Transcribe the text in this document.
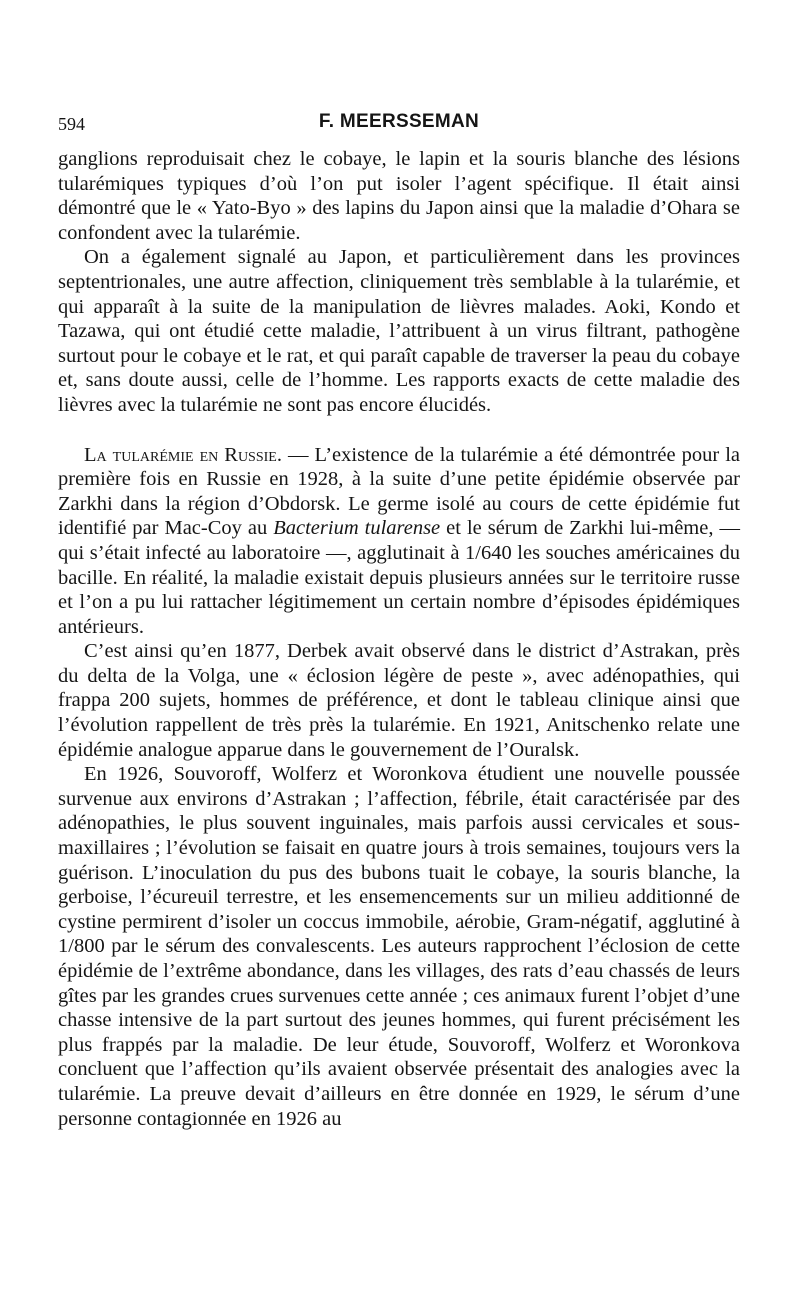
594	F. MEERSSEMAN

ganglions reproduisait chez le cobaye, le lapin et la souris blanche des lésions tularémiques typiques d’où l’on put isoler l’agent spécifique. Il était ainsi démontré que le « Yato-Byo » des lapins du Japon ainsi que la maladie d’Ohara se confondent avec la tularémie.

On a également signalé au Japon, et particulièrement dans les provinces septentrionales, une autre affection, cliniquement très semblable à la tularémie, et qui apparaît à la suite de la manipulation de lièvres malades. Aoki, Kondo et Tazawa, qui ont étudié cette maladie, l’attribuent à un virus filtrant, pathogène surtout pour le cobaye et le rat, et qui paraît capable de traverser la peau du cobaye et, sans doute aussi, celle de l’homme. Les rapports exacts de cette maladie des lièvres avec la tularémie ne sont pas encore élucidés.

La tularémie en Russie. — L’existence de la tularémie a été démontrée pour la première fois en Russie en 1928, à la suite d’une petite épidémie observée par Zarkhi dans la région d’Obdorsk. Le germe isolé au cours de cette épidémie fut identifié par Mac-Coy au Bacterium tularense et le sérum de Zarkhi lui-même, — qui s’était infecté au laboratoire —, agglutinait à 1/640 les souches américaines du bacille. En réalité, la maladie existait depuis plusieurs années sur le territoire russe et l’on a pu lui rattacher légitimement un certain nombre d’épisodes épidémiques antérieurs.

C’est ainsi qu’en 1877, Derbek avait observé dans le district d’Astrakan, près du delta de la Volga, une « éclosion légère de peste », avec adénopathies, qui frappa 200 sujets, hommes de préférence, et dont le tableau clinique ainsi que l’évolution rappellent de très près la tularémie. En 1921, Anitschenko relate une épidémie analogue apparue dans le gouvernement de l’Ouralsk.

En 1926, Souvoroff, Wolferz et Woronkova étudient une nouvelle poussée survenue aux environs d’Astrakan ; l’affection, fébrile, était caractérisée par des adénopathies, le plus souvent inguinales, mais parfois aussi cervicales et sous-maxillaires ; l’évolution se faisait en quatre jours à trois semaines, toujours vers la guérison. L’inoculation du pus des bubons tuait le cobaye, la souris blanche, la gerboise, l’écureuil terrestre, et les ensemencements sur un milieu additionné de cystine permirent d’isoler un coccus immobile, aérobie, Gram-négatif, agglutiné à 1/800 par le sérum des convalescents. Les auteurs rapprochent l’éclosion de cette épidémie de l’extrême abondance, dans les villages, des rats d’eau chassés de leurs gîtes par les grandes crues survenues cette année ; ces animaux furent l’objet d’une chasse intensive de la part surtout des jeunes hommes, qui furent précisément les plus frappés par la maladie. De leur étude, Souvoroff, Wolferz et Woronkova concluent que l’affection qu’ils avaient observée présentait des analogies avec la tularémie. La preuve devait d’ailleurs en être donnée en 1929, le sérum d’une personne contagionnée en 1926 au
